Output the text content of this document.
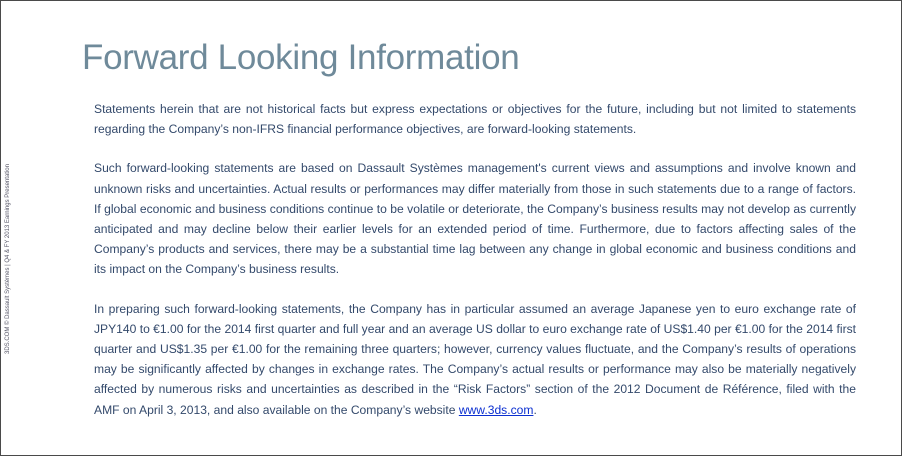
3DS.COM © Dassault Systèmes | Q4 & FY 2013 Earnings Presentation
Forward Looking Information

Statements herein that are not historical facts but express expectations or objectives for the future, including but not limited to statements regarding the Company’s non-IFRS financial performance objectives, are forward-looking statements.

Such forward-looking statements are based on Dassault Systèmes management's current views and assumptions and involve known and unknown risks and uncertainties. Actual results or performances may differ materially from those in such statements due to a range of factors. If global economic and business conditions continue to be volatile or deteriorate, the Company’s business results may not develop as currently anticipated and may decline below their earlier levels for an extended period of time. Furthermore, due to factors affecting sales of the Company’s products and services, there may be a substantial time lag between any change in global economic and business conditions and its impact on the Company’s business results.

In preparing such forward-looking statements, the Company has in particular assumed an average Japanese yen to euro exchange rate of JPY140 to €1.00 for the 2014 first quarter and full year and an average US dollar to euro exchange rate of US$1.40 per €1.00 for the 2014 first quarter and US$1.35 per €1.00 for the remaining three quarters; however, currency values fluctuate, and the Company’s results of operations may be significantly affected by changes in exchange rates. The Company’s actual results or performance may also be materially negatively affected by numerous risks and uncertainties as described in the “Risk Factors” section of the 2012 Document de Référence, filed with the AMF on April 3, 2013, and also available on the Company’s website www.3ds.com.
